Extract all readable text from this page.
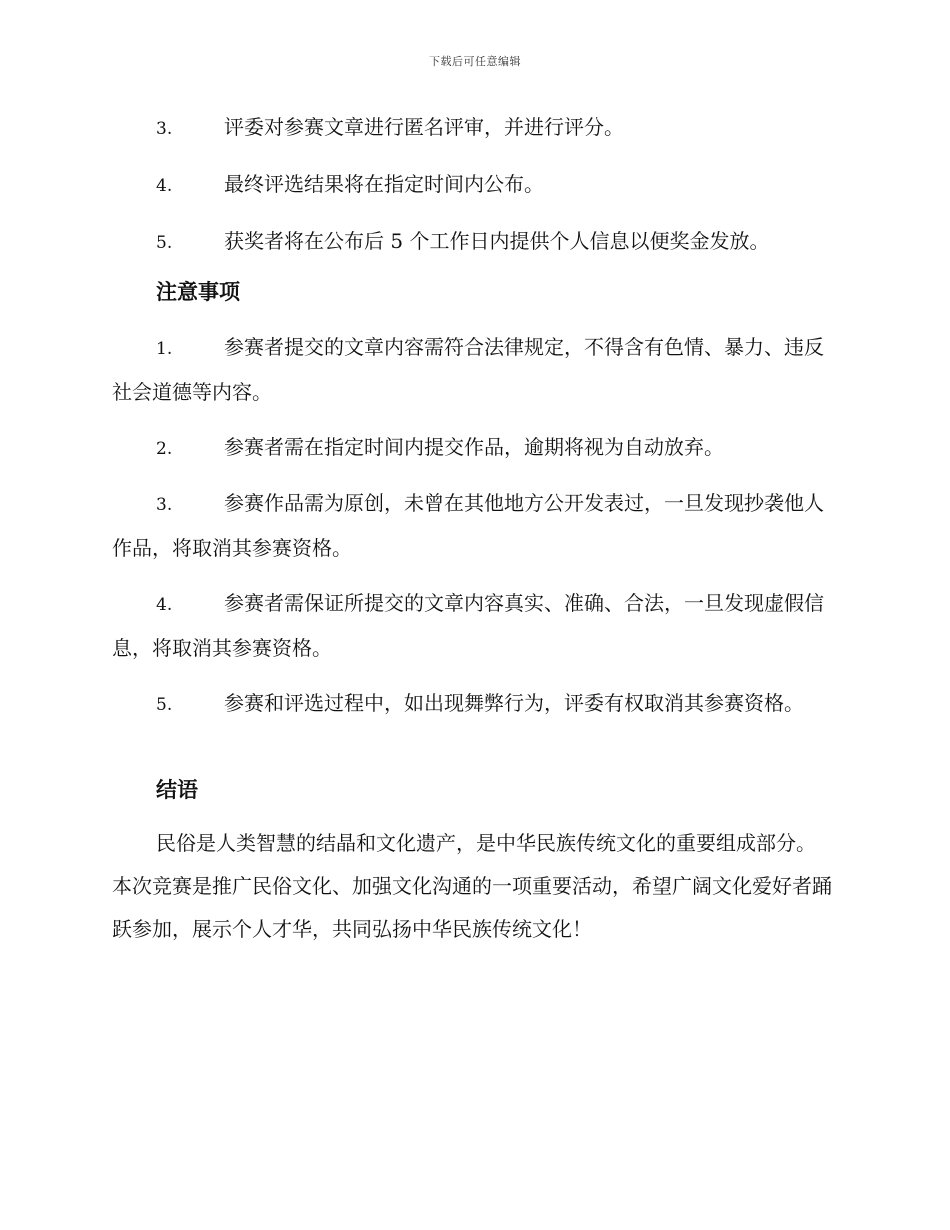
下载后可任意编辑

3.	评委对参赛文章进行匿名评审，并进行评分。

4.	最终评选结果将在指定时间内公布。

5.	获奖者将在公布后 5 个工作日内提供个人信息以便奖金发放。

注意事项

1.	参赛者提交的文章内容需符合法律规定，不得含有色情、暴力、违反社会道德等内容。

2.	参赛者需在指定时间内提交作品，逾期将视为自动放弃。

3.	参赛作品需为原创，未曾在其他地方公开发表过，一旦发现抄袭他人作品，将取消其参赛资格。

4.	参赛者需保证所提交的文章内容真实、准确、合法，一旦发现虚假信息，将取消其参赛资格。

5.	参赛和评选过程中，如出现舞弊行为，评委有权取消其参赛资格。

结语

民俗是人类智慧的结晶和文化遗产，是中华民族传统文化的重要组成部分。本次竞赛是推广民俗文化、加强文化沟通的一项重要活动，希望广阔文化爱好者踊跃参加，展示个人才华，共同弘扬中华民族传统文化！
